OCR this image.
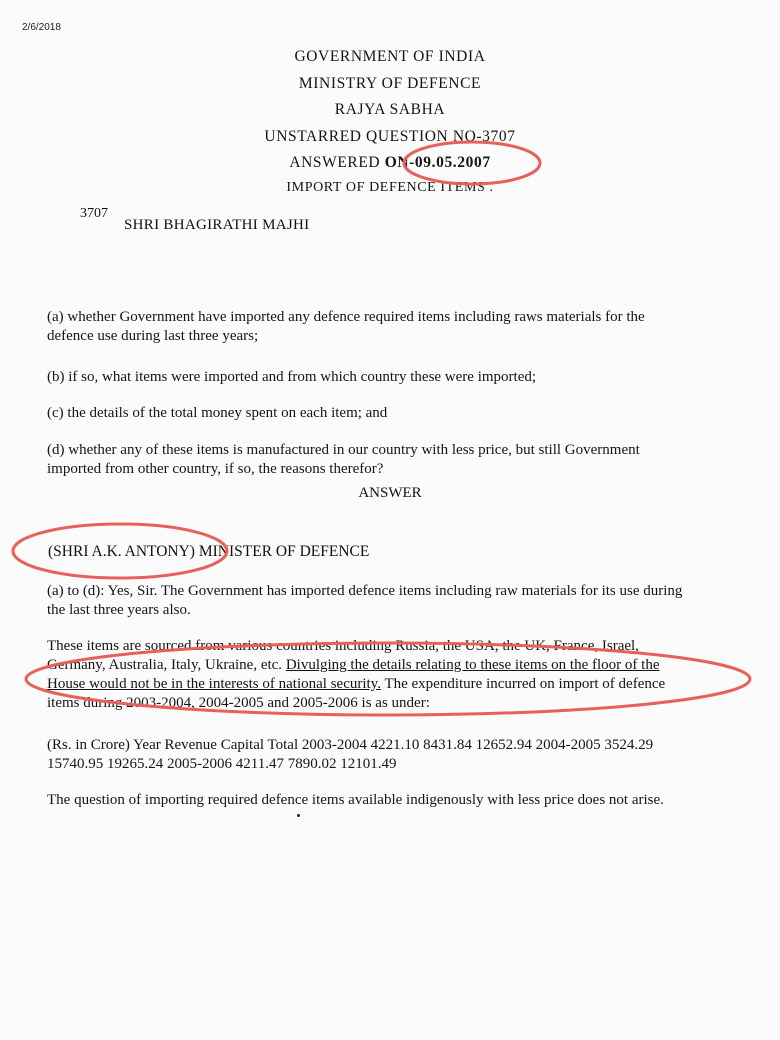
2/6/2018
GOVERNMENT OF INDIA
MINISTRY OF DEFENCE
RAJYA SABHA
UNSTARRED QUESTION NO-3707
ANSWERED ON-09.05.2007
IMPORT OF DEFENCE ITEMS .
3707
SHRI BHAGIRATHI MAJHI
(a) whether Government have imported any defence required items including raws materials for the
defence use during last three years;
(b) if so, what items were imported and from which country these were imported;
(c) the details of the total money spent on each item; and
(d) whether any of these items is manufactured in our country with less price, but still Government
imported from other country, if so, the reasons therefor?
ANSWER
(SHRI A.K. ANTONY) MINISTER OF DEFENCE
(a) to (d): Yes, Sir. The Government has imported defence items including raw materials for its use during
the last three years also.
These items are sourced from various countries including Russia, the USA, the UK, France, Israel,
Germany, Australia, Italy, Ukraine, etc. Divulging the details relating to these items on the floor of the
House would not be in the interests of national security. The expenditure incurred on import of defence
items during 2003-2004, 2004-2005 and 2005-2006 is as under:
(Rs. in Crore) Year Revenue Capital Total 2003-2004 4221.10 8431.84 12652.94 2004-2005 3524.29
15740.95 19265.24 2005-2006 4211.47 7890.02 12101.49
The question of importing required defence items available indigenously with less price does not arise.
